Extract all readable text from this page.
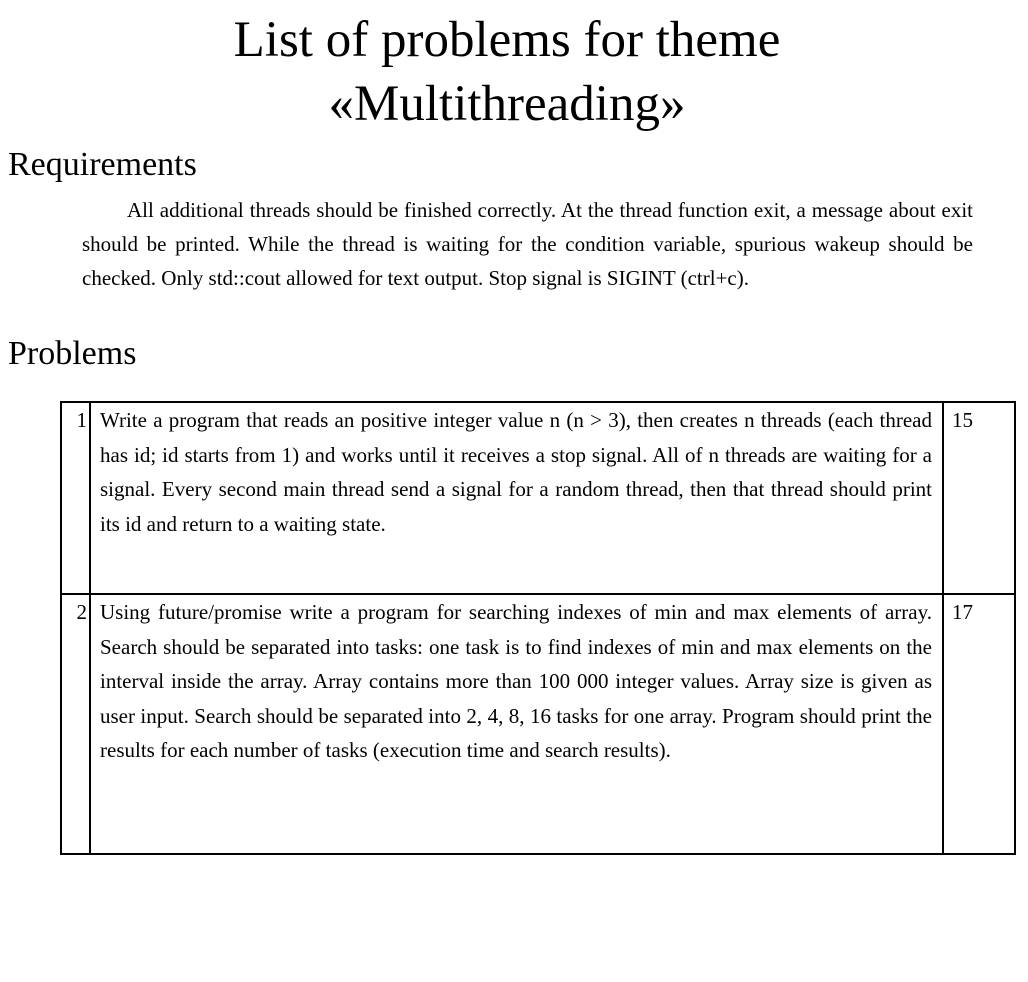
List of problems for theme
«Multithreading»
Requirements

All additional threads should be finished correctly. At the thread function exit, a message about exit should be printed. While the thread is waiting for the condition variable, spurious wakeup should be checked. Only std::cout allowed for text output. Stop signal is SIGINT (ctrl+c).

Problems
1	Write a program that reads an positive integer value n (n > 3), then creates n threads (each thread has id; id starts from 1) and works until it receives a stop signal. All of n threads are waiting for a signal. Every second main thread send a signal for a random thread, then that thread should print its id and return to a waiting state.	15
2	Using future/promise write a program for searching indexes of min and max elements of array. Search should be separated into tasks: one task is to find indexes of min and max elements on the interval inside the array. Array contains more than 100 000 integer values. Array size is given as user input. Search should be separated into 2, 4, 8, 16 tasks for one array. Program should print the results for each number of tasks (execution time and search results).	17
